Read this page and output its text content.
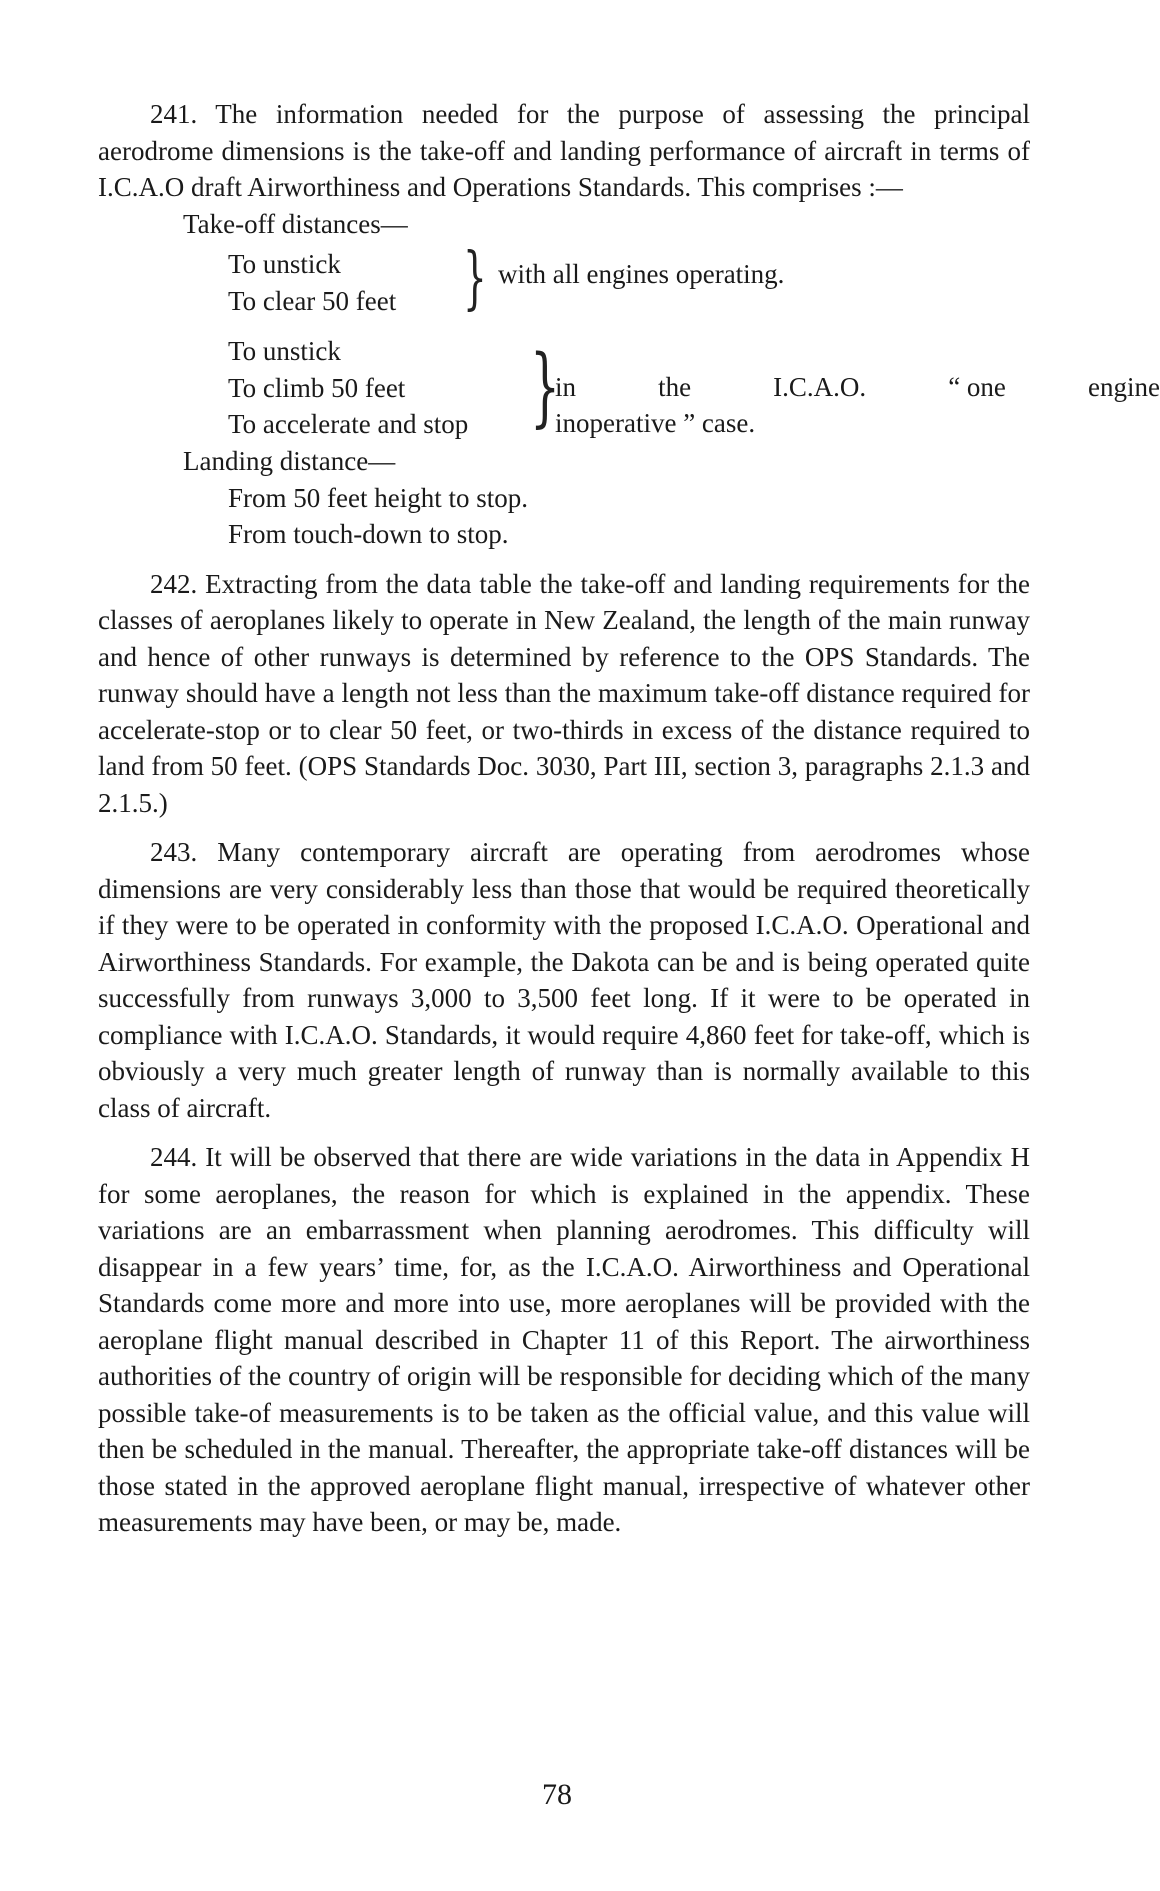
241. The information needed for the purpose of assessing the principal aerodrome dimensions is the take-off and landing performance of aircraft in terms of I.C.A.O draft Airworthiness and Operations Standards. This comprises :—

Take-off distances—

To unstick
To clear 50 feet } with all engines operating.
To unstick
To climb 50 feet
To accelerate and stop }
in	the	I.C.A.O.	“ one	engine
inoperative ” case.

Landing distance—

From 50 feet height to stop.

From touch-down to stop.

242. Extracting from the data table the take-off and landing requirements for the classes of aeroplanes likely to operate in New Zealand, the length of the main runway and hence of other runways is determined by reference to the OPS Standards. The runway should have a length not less than the maximum take-off distance required for accelerate-stop or to clear 50 feet, or two-thirds in excess of the distance required to land from 50 feet. (OPS Standards Doc. 3030, Part III, section 3, paragraphs 2.1.3 and 2.1.5.)

243. Many contemporary aircraft are operating from aerodromes whose dimensions are very considerably less than those that would be required theoretically if they were to be operated in conformity with the proposed I.C.A.O. Operational and Airworthiness Standards. For example, the Dakota can be and is being operated quite successfully from runways 3,000 to 3,500 feet long. If it were to be operated in compliance with I.C.A.O. Standards, it would require 4,860 feet for take-off, which is obviously a very much greater length of runway than is normally available to this class of aircraft.

244. It will be observed that there are wide variations in the data in Appendix H for some aeroplanes, the reason for which is explained in the appendix. These variations are an embarrassment when planning aerodromes. This difficulty will disappear in a few years’ time, for, as the I.C.A.O. Airworthiness and Operational Standards come more and more into use, more aeroplanes will be provided with the aeroplane flight manual described in Chapter 11 of this Report. The airworthiness authorities of the country of origin will be responsible for deciding which of the many possible take-of measurements is to be taken as the official value, and this value will then be scheduled in the manual. Thereafter, the appropriate take-off distances will be those stated in the approved aeroplane flight manual, irrespective of whatever other measurements may have been, or may be, made.

78
